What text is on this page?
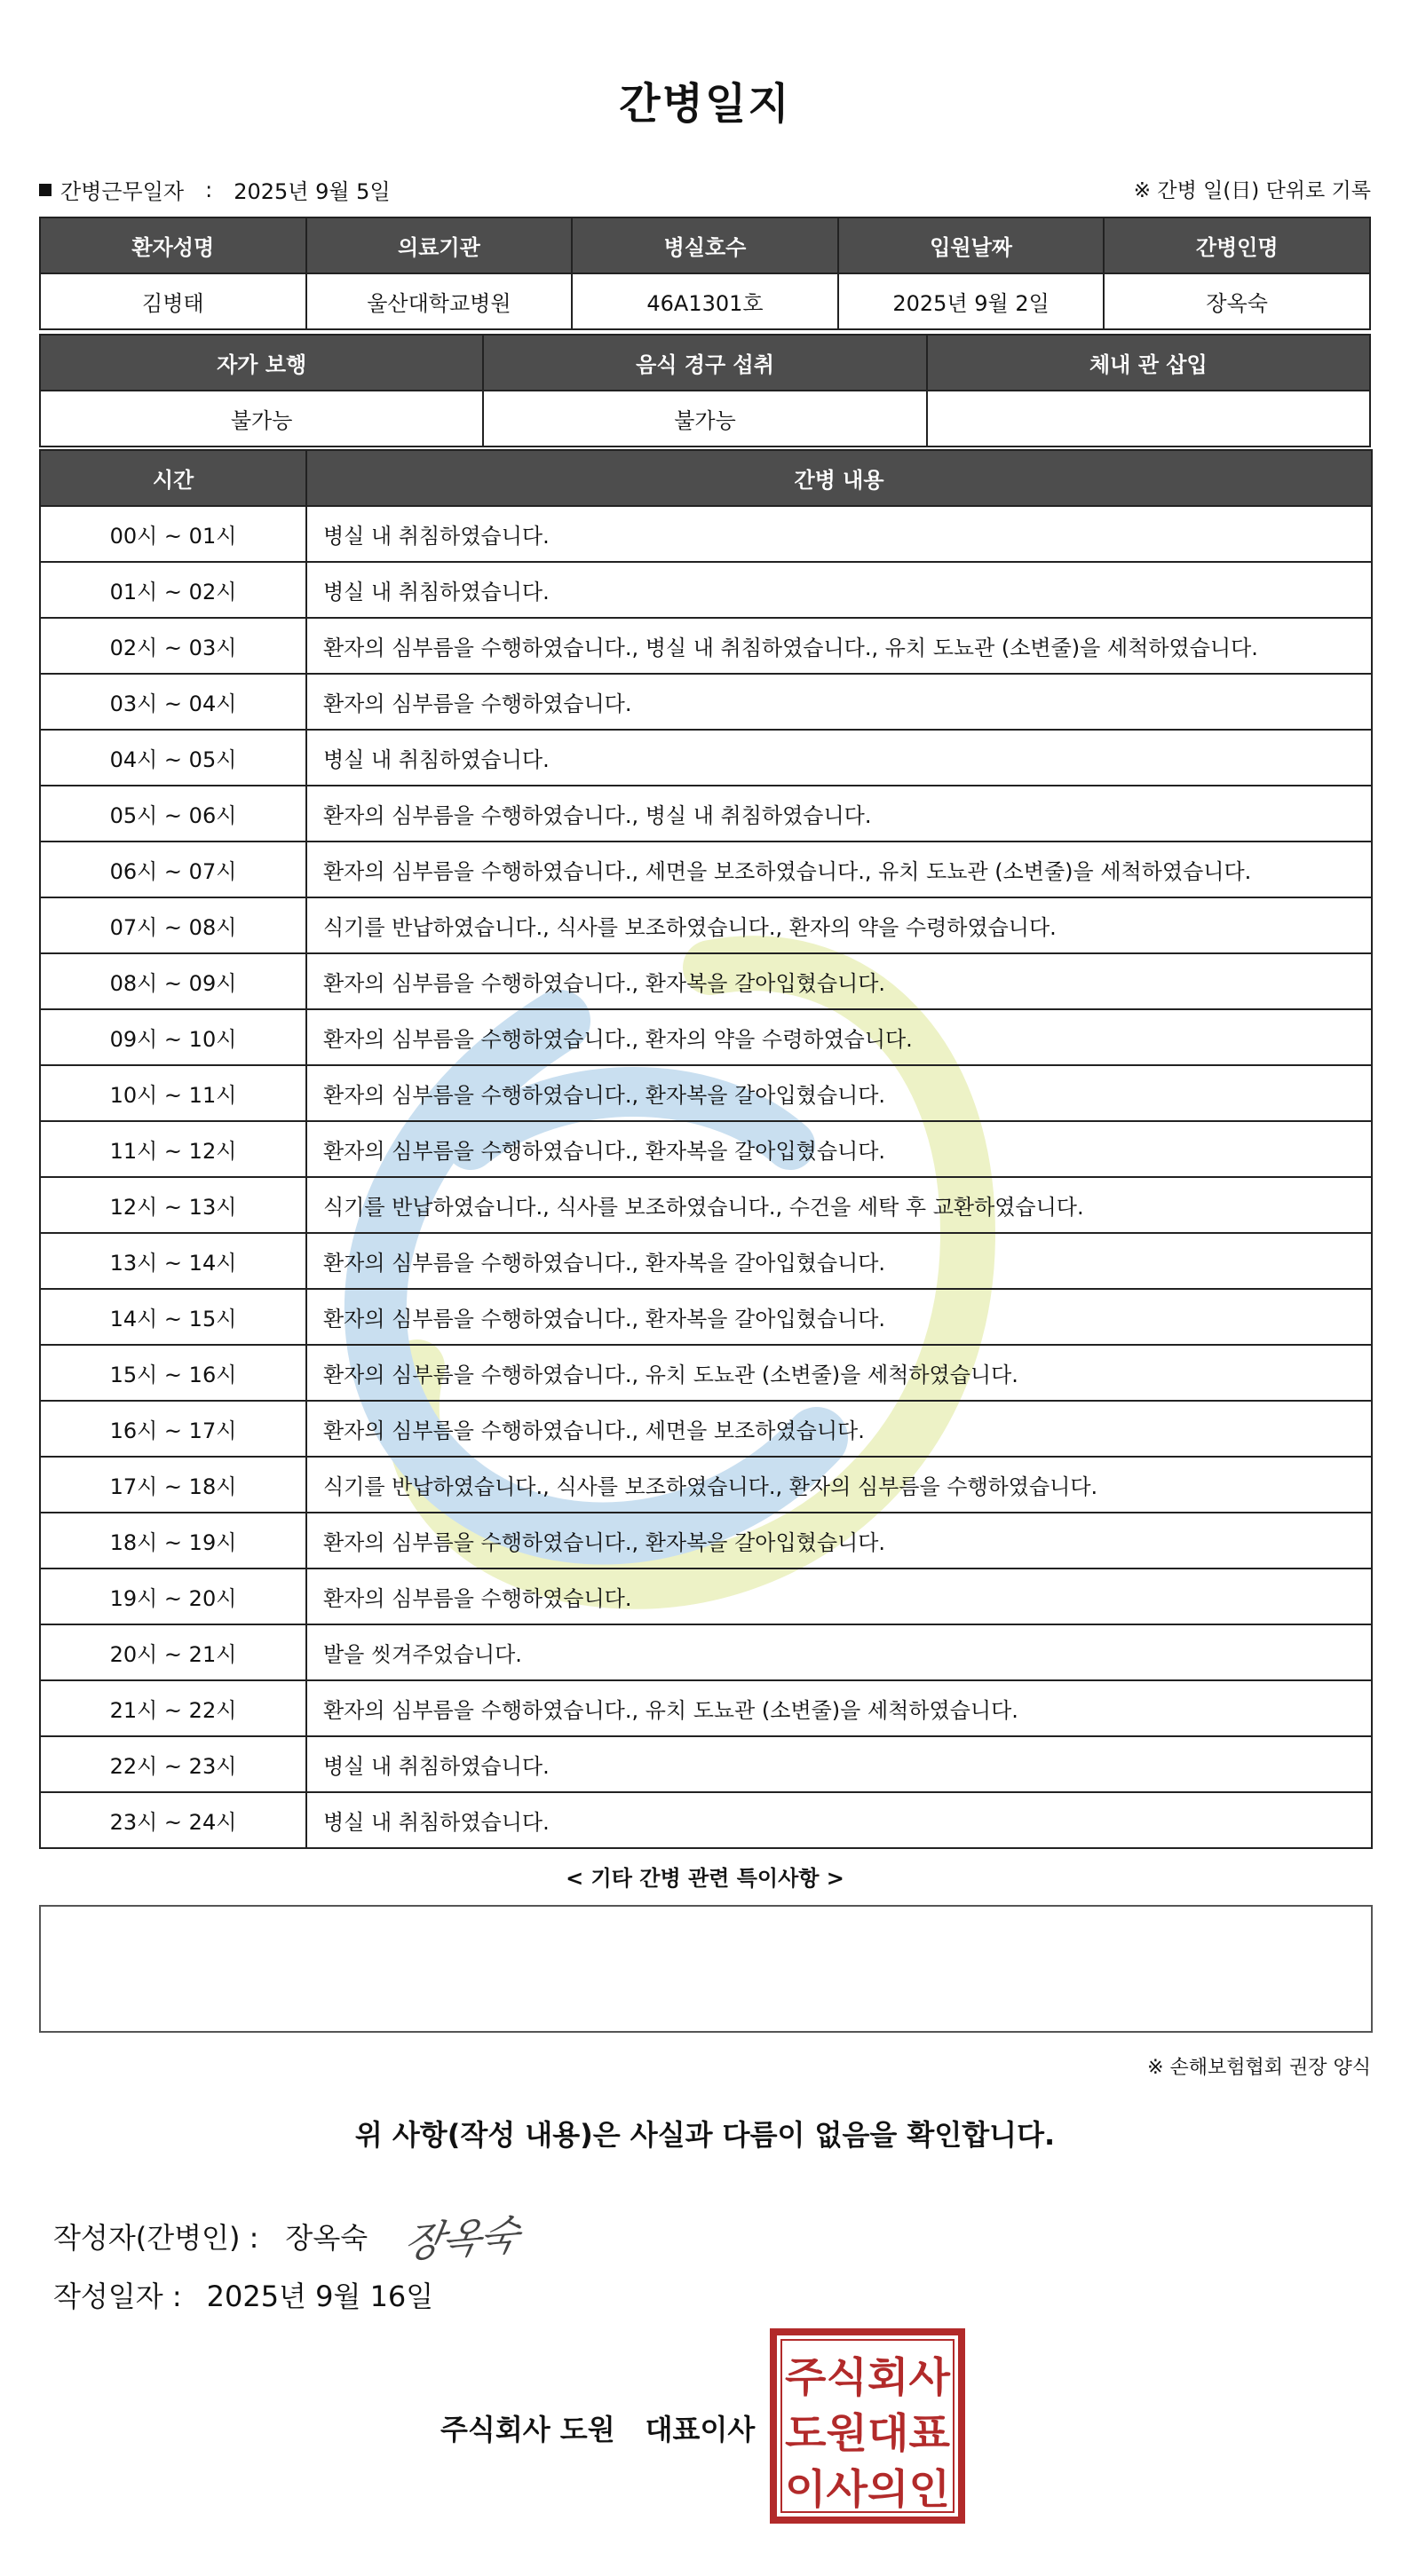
간병일지
간병근무일자 : 2025년 9월 5일	※ 간병 일(日) 단위로 기록
환자성명	의료기관	병실호수	입원날짜	간병인명
김병태	울산대학교병원	46A1301호	2025년 9월 2일	장옥숙
자가 보행	음식 경구 섭취	체내 관 삽입
불가능	불가능	
시간	간병 내용
00시 ~ 01시	병실 내 취침하였습니다.
01시 ~ 02시	병실 내 취침하였습니다.
02시 ~ 03시	환자의 심부름을 수행하였습니다., 병실 내 취침하였습니다., 유치 도뇨관 (소변줄)을 세척하였습니다.
03시 ~ 04시	환자의 심부름을 수행하였습니다.
04시 ~ 05시	병실 내 취침하였습니다.
05시 ~ 06시	환자의 심부름을 수행하였습니다., 병실 내 취침하였습니다.
06시 ~ 07시	환자의 심부름을 수행하였습니다., 세면을 보조하였습니다., 유치 도뇨관 (소변줄)을 세척하였습니다.
07시 ~ 08시	식기를 반납하였습니다., 식사를 보조하였습니다., 환자의 약을 수령하였습니다.
08시 ~ 09시	환자의 심부름을 수행하였습니다., 환자복을 갈아입혔습니다.
09시 ~ 10시	환자의 심부름을 수행하였습니다., 환자의 약을 수령하였습니다.
10시 ~ 11시	환자의 심부름을 수행하였습니다., 환자복을 갈아입혔습니다.
11시 ~ 12시	환자의 심부름을 수행하였습니다., 환자복을 갈아입혔습니다.
12시 ~ 13시	식기를 반납하였습니다., 식사를 보조하였습니다., 수건을 세탁 후 교환하였습니다.
13시 ~ 14시	환자의 심부름을 수행하였습니다., 환자복을 갈아입혔습니다.
14시 ~ 15시	환자의 심부름을 수행하였습니다., 환자복을 갈아입혔습니다.
15시 ~ 16시	환자의 심부름을 수행하였습니다., 유치 도뇨관 (소변줄)을 세척하였습니다.
16시 ~ 17시	환자의 심부름을 수행하였습니다., 세면을 보조하였습니다.
17시 ~ 18시	식기를 반납하였습니다., 식사를 보조하였습니다., 환자의 심부름을 수행하였습니다.
18시 ~ 19시	환자의 심부름을 수행하였습니다., 환자복을 갈아입혔습니다.
19시 ~ 20시	환자의 심부름을 수행하였습니다.
20시 ~ 21시	발을 씻겨주었습니다.
21시 ~ 22시	환자의 심부름을 수행하였습니다., 유치 도뇨관 (소변줄)을 세척하였습니다.
22시 ~ 23시	병실 내 취침하였습니다.
23시 ~ 24시	병실 내 취침하였습니다.
< 기타 간병 관련 특이사항 >
※ 손해보험협회 권장 양식
위 사항(작성 내용)은 사실과 다름이 없음을 확인합니다.
작성자(간병인) : 장옥숙 장옥숙
작성일자 : 2025년 9월 16일
주식회사 도원 대표이사
주식회사
도원대표
이사의인
